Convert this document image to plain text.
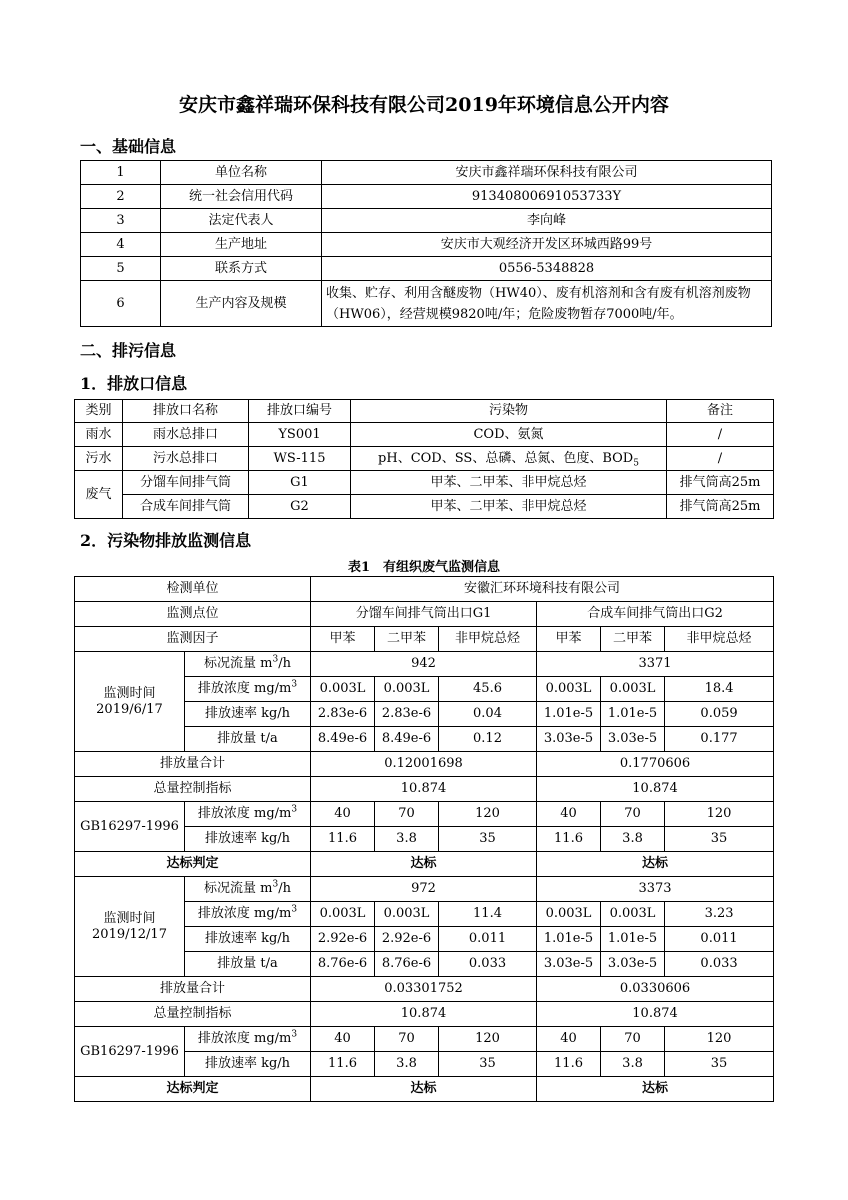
安庆市鑫祥瑞环保科技有限公司2019年环境信息公开内容
一、基础信息
1	单位名称	安庆市鑫祥瑞环保科技有限公司
2	统一社会信用代码	91340800691053733Y
3	法定代表人	李向峰
4	生产地址	安庆市大观经济开发区环城西路99号
5	联系方式	0556-5348828
6	生产内容及规模	收集、贮存、利用含醚废物（HW40）、废有机溶剂和含有废有机溶剂废物（HW06），经营规模9820吨/年；危险废物暂存7000吨/年。
二、排污信息
1．排放口信息
类别	排放口名称	排放口编号	污染物	备注
雨水	雨水总排口	YS001	COD、氨氮	/
污水	污水总排口	WS-115	pH、COD、SS、总磷、总氮、色度、$BOD_5$	/
废气	分馏车间排气筒	G1	甲苯、二甲苯、非甲烷总烃	排气筒高25m
	合成车间排气筒	G2	甲苯、二甲苯、非甲烷总烃	排气筒高25m
2．污染物排放监测信息
表1　有组织废气监测信息
检测单位		安徽汇环环境科技有限公司					
监测点位		分馏车间排气筒出口G1			合成车间排气筒出口G2		
监测因子		甲苯	二甲苯	非甲烷总烃	甲苯	二甲苯	非甲烷总烃

监测时间
2019/6/17	标况流量 $m^3/h$	942			3371		
	排放浓度 $mg/m^3$	0.003L	0.003L	45.6	0.003L	0.003L	18.4
	排放速率 kg/h	2.83e-6	2.83e-6	0.04	1.01e-5	1.01e-5	0.059
	排放量 t/a	8.49e-6	8.49e-6	0.12	3.03e-5	3.03e-5	0.177
排放量合计		0.12001698			0.1770606		
总量控制指标		10.874			10.874		
GB16297-1996	排放浓度 $mg/m^3$	40	70	120	40	70	120
	排放速率 kg/h	11.6	3.8	35	11.6	3.8	35
达标判定		达标			达标		

监测时间
2019/12/17	标况流量 $m^3/h$	972			3373		
	排放浓度 $mg/m^3$	0.003L	0.003L	11.4	0.003L	0.003L	3.23
	排放速率 kg/h	2.92e-6	2.92e-6	0.011	1.01e-5	1.01e-5	0.011
	排放量 t/a	8.76e-6	8.76e-6	0.033	3.03e-5	3.03e-5	0.033
排放量合计		0.03301752			0.0330606		
总量控制指标		10.874			10.874		
GB16297-1996	排放浓度 $mg/m^3$	40	70	120	40	70	120
	排放速率 kg/h	11.6	3.8	35	11.6	3.8	35
达标判定		达标			达标		
